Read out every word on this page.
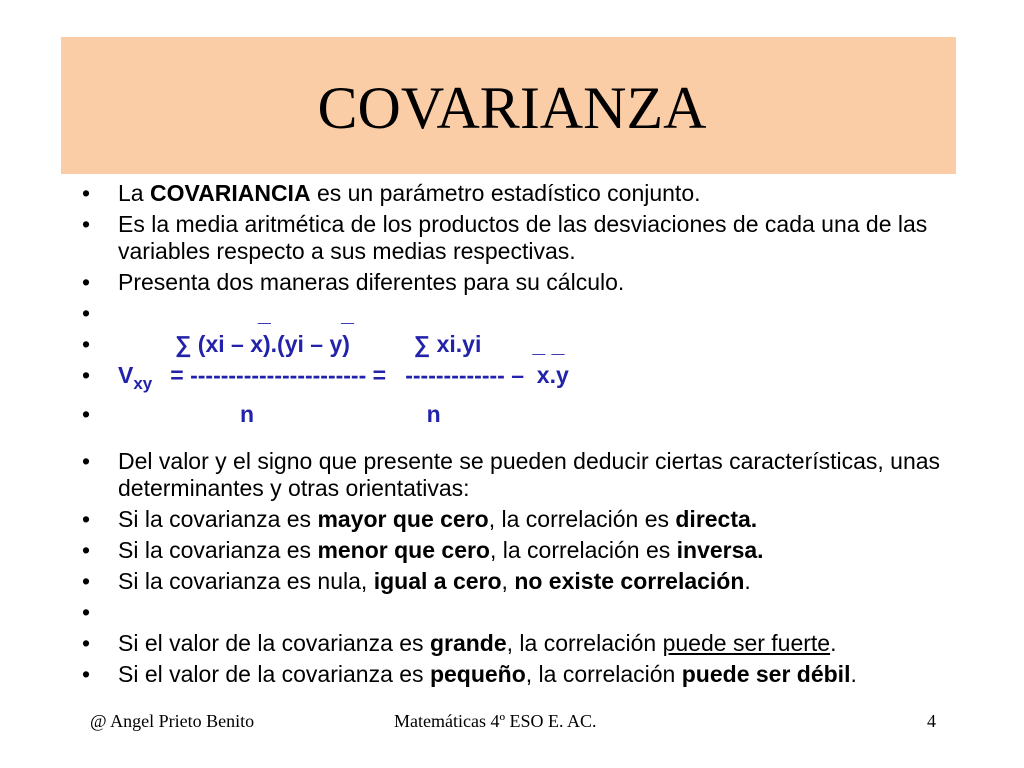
COVARIANZA
• La COVARIANCIA es un parámetro estadístico conjunto.
• Es la media aritmética de los productos de las desviaciones de cada una de las variables respecto a sus medias respectivas.
• Presenta dos maneras diferentes para su cálculo.
•	_           _
•	∑ (xi – x).(yi – y)          ∑ xi.yi        _ _
• $V_{xy}$ = ----------------------- =   ------------- –  x.y
•	n                           n
• Del valor y el signo que presente se pueden deducir ciertas características, unas determinantes y otras orientativas:
• Si la covarianza es mayor que cero, la correlación es directa.
• Si la covarianza es menor que cero, la correlación es inversa.
• Si la covarianza es nula, igual a cero, no existe correlación.
•

• Si el valor de la covarianza es grande, la correlación puede ser fuerte.
• Si el valor de la covarianza es pequeño, la correlación puede ser débil.
@ Angel Prieto Benito	Matemáticas 4º ESO E. AC.	4
